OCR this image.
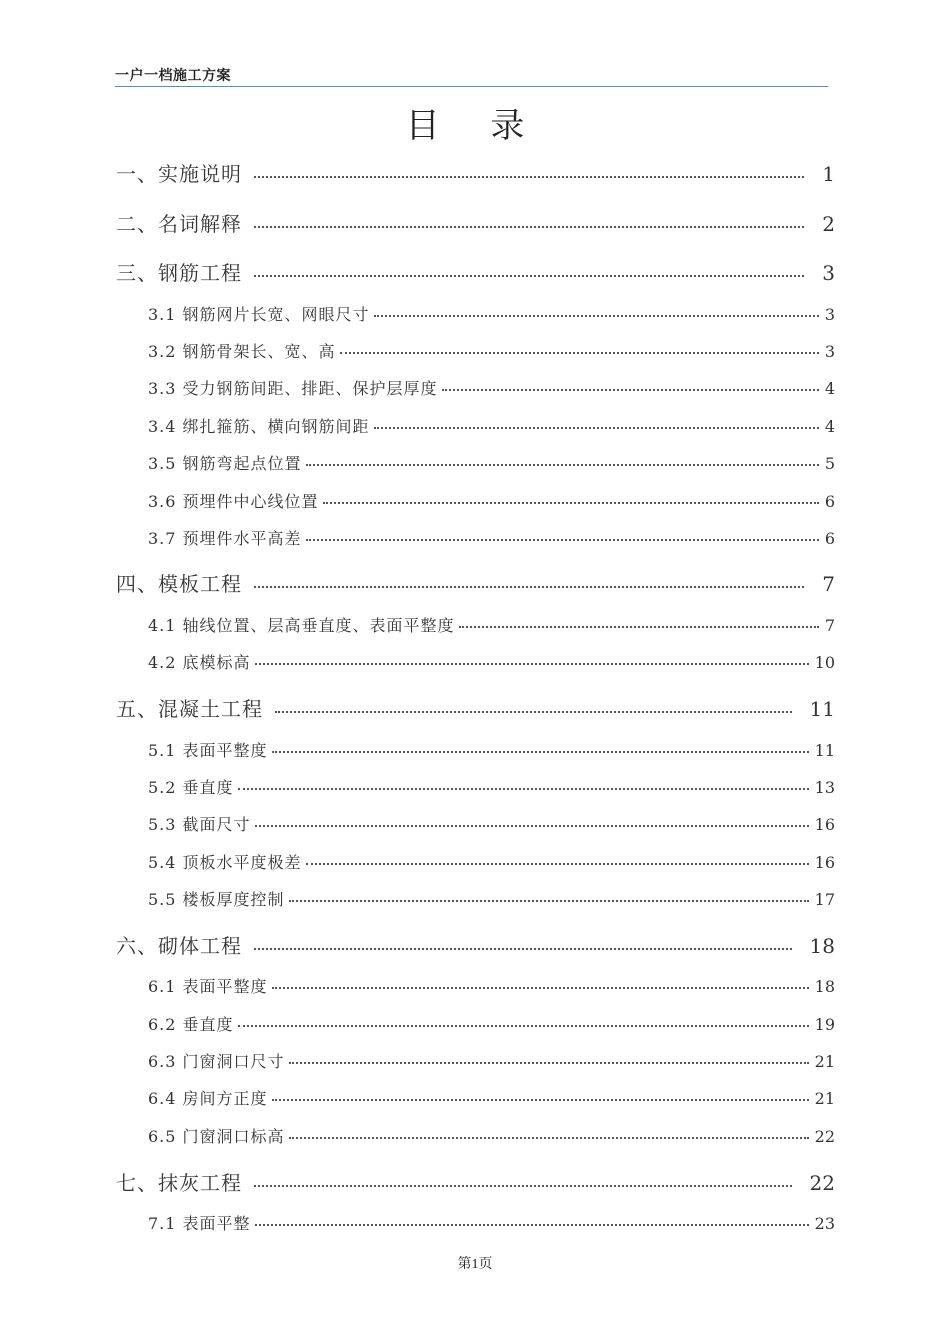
一户一档施工方案
目 录
一、实施说明	1
二、名词解释	2
三、钢筋工程	3
3.1 钢筋网片长宽、网眼尺寸	3
3.2 钢筋骨架长、宽、高	3
3.3 受力钢筋间距、排距、保护层厚度	4
3.4 绑扎箍筋、横向钢筋间距	4
3.5 钢筋弯起点位置	5
3.6 预埋件中心线位置	6
3.7 预埋件水平高差	6
四、模板工程	7
4.1 轴线位置、层高垂直度、表面平整度	7
4.2 底模标高	10
五、混凝土工程	11
5.1 表面平整度	11
5.2 垂直度	13
5.3 截面尺寸	16
5.4 顶板水平度极差	16
5.5 楼板厚度控制	17
六、砌体工程	18
6.1 表面平整度	18
6.2 垂直度	19
6.3 门窗洞口尺寸	21
6.4 房间方正度	21
6.5 门窗洞口标高	22
七、抹灰工程	22
7.1 表面平整	23
第1页
